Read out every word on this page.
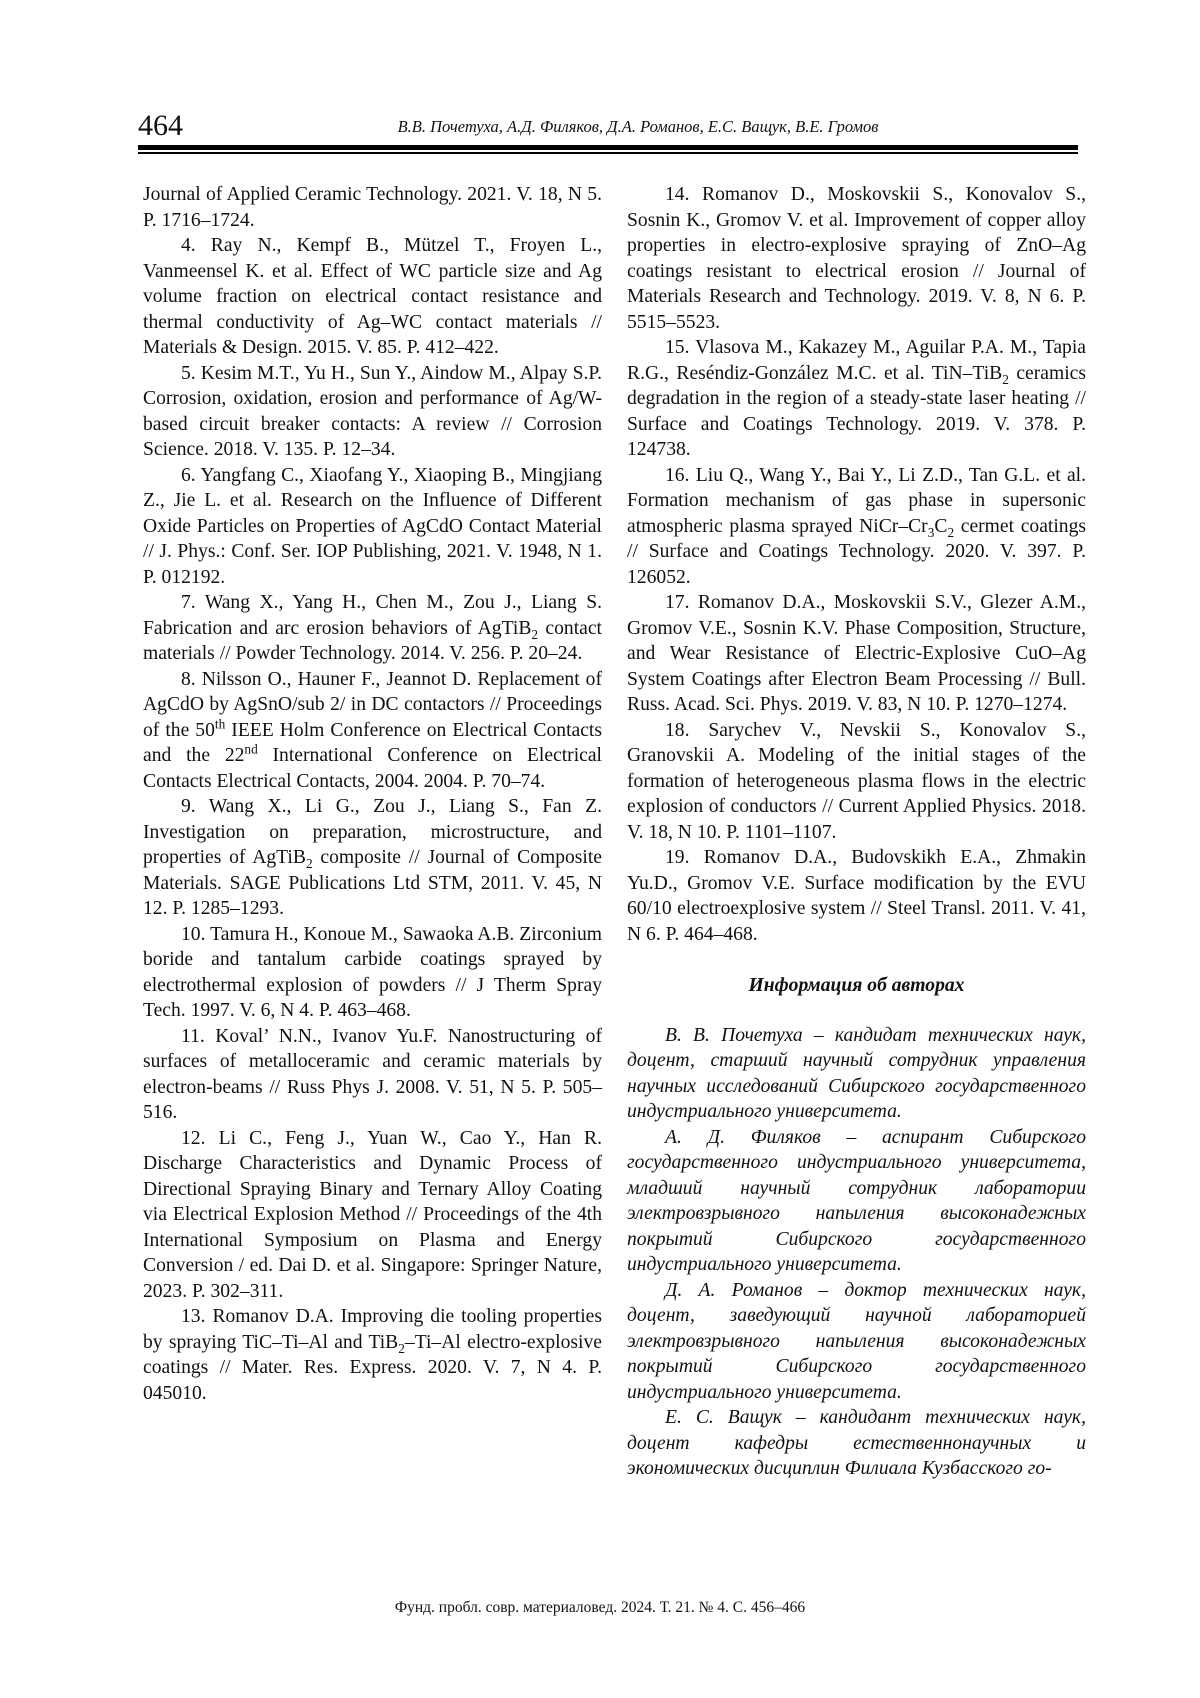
464	В.В. Почетуха, А.Д. Филяков, Д.А. Романов, Е.С. Ващук, В.Е. Громов

Journal of Applied Ceramic Technology. 2021. V. 18, N 5. P. 1716–1724.

4. Ray N., Kempf B., Mützel T., Froyen L., Vanmeensel K. et al. Effect of WC particle size and Ag volume fraction on electrical contact resistance and thermal conductivity of Ag–WC contact materials // Materials & Design. 2015. V. 85. P. 412–422.

5. Kesim M.T., Yu H., Sun Y., Aindow M., Alpay S.P. Corrosion, oxidation, erosion and performance of Ag/W-based circuit breaker contacts: A review // Corrosion Science. 2018. V. 135. P. 12–34.

6. Yangfang C., Xiaofang Y., Xiaoping B., Mingjiang Z., Jie L. et al. Research on the Influence of Different Oxide Particles on Properties of AgCdO Contact Material // J. Phys.: Conf. Ser. IOP Publishing, 2021. V. 1948, N 1. P. 012192.

7. Wang X., Yang H., Chen M., Zou J., Liang S. Fabrication and arc erosion behaviors of AgTiB$_2$ contact materials // Powder Technology. 2014. V. 256. P. 20–24.

8. Nilsson O., Hauner F., Jeannot D. Replacement of AgCdO by AgSnO/sub 2/ in DC contactors // Proceedings of the 50th IEEE Holm Conference on Electrical Contacts and the 22nd International Conference on Electrical Contacts Electrical Contacts, 2004. 2004. P. 70–74.

9. Wang X., Li G., Zou J., Liang S., Fan Z. Investigation on preparation, microstructure, and properties of AgTiB$_2$ composite // Journal of Composite Materials. SAGE Publications Ltd STM, 2011. V. 45, N 12. P. 1285–1293.

10. Tamura H., Konoue M., Sawaoka A.B. Zirconium boride and tantalum carbide coatings sprayed by electrothermal explosion of powders // J Therm Spray Tech. 1997. V. 6, N 4. P. 463–468.

11. Koval’ N.N., Ivanov Yu.F. Nanostructuring of surfaces of metalloceramic and ceramic materials by electron-beams // Russ Phys J. 2008. V. 51, N 5. P. 505–516.

12. Li C., Feng J., Yuan W., Cao Y., Han R. Discharge Characteristics and Dynamic Process of Directional Spraying Binary and Ternary Alloy Coating via Electrical Explosion Method // Proceedings of the 4th International Symposium on Plasma and Energy Conversion / ed. Dai D. et al. Singapore: Springer Nature, 2023. P. 302–311.

13. Romanov D.A. Improving die tooling properties by spraying TiC–Ti–Al and TiB$_2$–Ti–Al electro-explosive coatings // Mater. Res. Express. 2020. V. 7, N 4. P. 045010.

14. Romanov D., Moskovskii S., Konovalov S., Sosnin K., Gromov V. et al. Improvement of copper alloy properties in electro-explosive spraying of ZnO–Ag coatings resistant to electrical erosion // Journal of Materials Research and Technology. 2019. V. 8, N 6. P. 5515–5523.

15. Vlasova M., Kakazey M., Aguilar P.A. M., Tapia R.G., Reséndiz-González M.C. et al. TiN–TiB$_2$ ceramics degradation in the region of a steady-state laser heating // Surface and Coatings Technology. 2019. V. 378. P. 124738.

16. Liu Q., Wang Y., Bai Y., Li Z.D., Tan G.L. et al. Formation mechanism of gas phase in supersonic atmospheric plasma sprayed NiCr–$Cr_3C_2$ cermet coatings // Surface and Coatings Technology. 2020. V. 397. P. 126052.

17. Romanov D.A., Moskovskii S.V., Glezer A.M., Gromov V.E., Sosnin K.V. Phase Composition, Structure, and Wear Resistance of Electric-Explosive CuO–Ag System Coatings after Electron Beam Processing // Bull. Russ. Acad. Sci. Phys. 2019. V. 83, N 10. P. 1270–1274.

18. Sarychev V., Nevskii S., Konovalov S., Granovskii A. Modeling of the initial stages of the formation of heterogeneous plasma flows in the electric explosion of conductors // Current Applied Physics. 2018. V. 18, N 10. P. 1101–1107.

19. Romanov D.A., Budovskikh E.A., Zhmakin Yu.D., Gromov V.E. Surface modification by the EVU 60/10 electroexplosive system // Steel Transl. 2011. V. 41, N 6. P. 464–468.

Информация об авторах

В. В. Почетуха – кандидат технических наук, доцент, старший научный сотрудник управления научных исследований Сибирского государственного индустриального университета.

А. Д. Филяков – аспирант Сибирского государственного индустриального университета, младший научный сотрудник лаборатории электровзрывного напыления высоконадежных покрытий Сибирского государственного индустриального университета.

Д. А. Романов – доктор технических наук, доцент, заведующий научной лабораторией электровзрывного напыления высоконадежных покрытий Сибирского государственного индустриального университета.

Е. С. Ващук – кандидант технических наук, доцент кафедры естественнонаучных и экономических дисциплин Филиала Кузбасского го-

Фунд. пробл. совр. материаловед. 2024. Т. 21. № 4. С. 456–466
